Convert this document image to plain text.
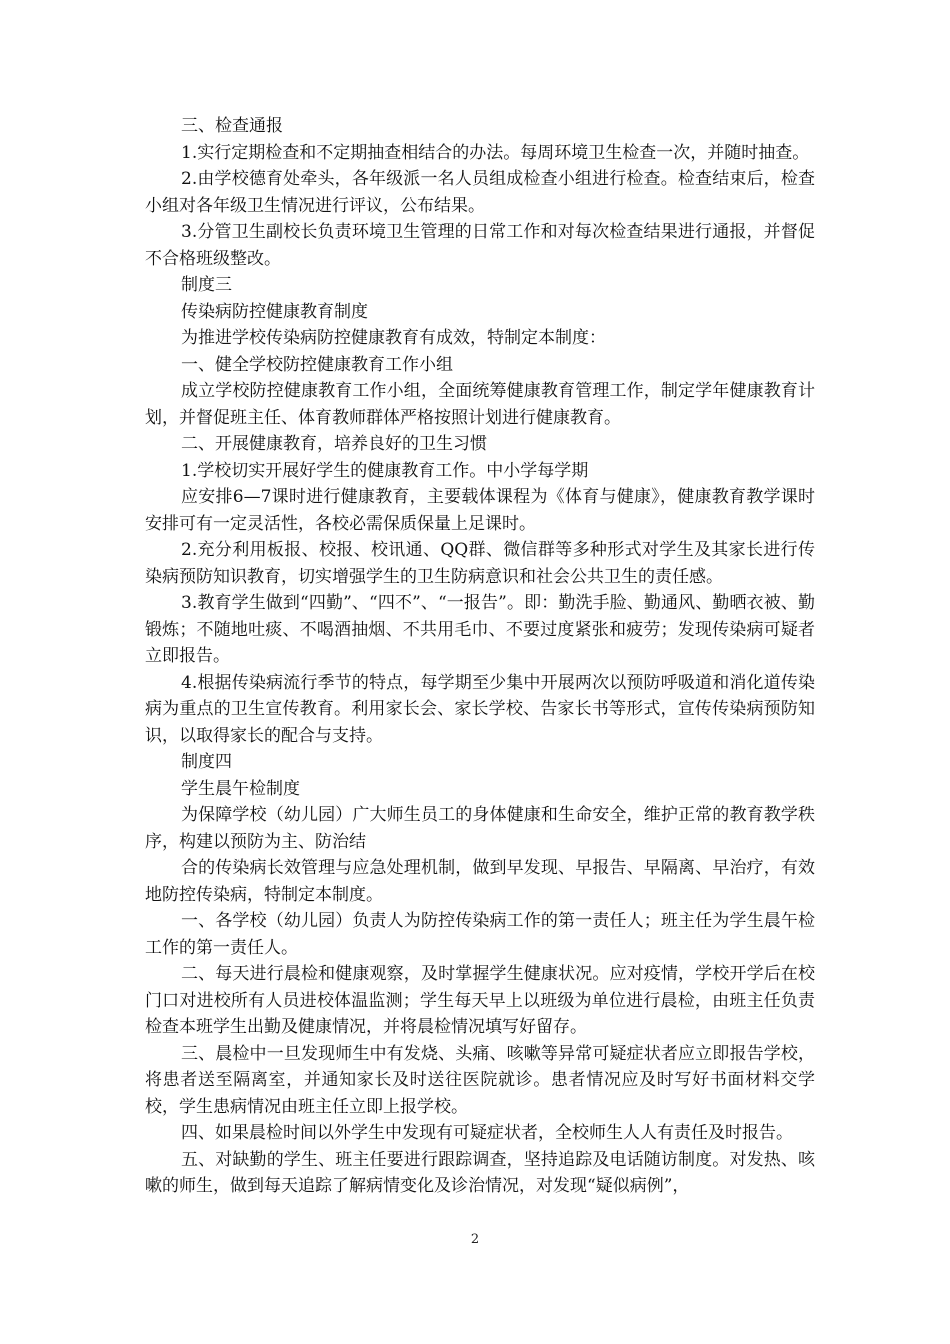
三、检查通报

1.实行定期检查和不定期抽查相结合的办法。每周环境卫生检查一次，并随时抽查。

2.由学校德育处牵头，各年级派一名人员组成检查小组进行检查。检查结束后，检查小组对各年级卫生情况进行评议，公布结果。

3.分管卫生副校长负责环境卫生管理的日常工作和对每次检查结果进行通报，并督促不合格班级整改。

制度三

传染病防控健康教育制度

为推进学校传染病防控健康教育有成效，特制定本制度：

一、健全学校防控健康教育工作小组

成立学校防控健康教育工作小组，全面统筹健康教育管理工作，制定学年健康教育计划，并督促班主任、体育教师群体严格按照计划进行健康教育。

二、开展健康教育，培养良好的卫生习惯

1.学校切实开展好学生的健康教育工作。中小学每学期

应安排6—7课时进行健康教育，主要载体课程为《体育与健康》，健康教育教学课时安排可有一定灵活性，各校必需保质保量上足课时。

2.充分利用板报、校报、校讯通、QQ群、微信群等多种形式对学生及其家长进行传染病预防知识教育，切实增强学生的卫生防病意识和社会公共卫生的责任感。

3.教育学生做到“四勤”、“四不”、“一报告”。即：勤洗手脸、勤通风、勤晒衣被、勤锻炼；不随地吐痰、不喝酒抽烟、不共用毛巾、不要过度紧张和疲劳；发现传染病可疑者立即报告。

4.根据传染病流行季节的特点，每学期至少集中开展两次以预防呼吸道和消化道传染病为重点的卫生宣传教育。利用家长会、家长学校、告家长书等形式，宣传传染病预防知识，以取得家长的配合与支持。

制度四

学生晨午检制度

为保障学校（幼儿园）广大师生员工的身体健康和生命安全，维护正常的教育教学秩序，构建以预防为主、防治结

合的传染病长效管理与应急处理机制，做到早发现、早报告、早隔离、早治疗，有效地防控传染病，特制定本制度。

一、各学校（幼儿园）负责人为防控传染病工作的第一责任人；班主任为学生晨午检工作的第一责任人。

二、每天进行晨检和健康观察，及时掌握学生健康状况。应对疫情，学校开学后在校门口对进校所有人员进校体温监测；学生每天早上以班级为单位进行晨检，由班主任负责检查本班学生出勤及健康情况，并将晨检情况填写好留存。

三、晨检中一旦发现师生中有发烧、头痛、咳嗽等异常可疑症状者应立即报告学校，将患者送至隔离室，并通知家长及时送往医院就诊。患者情况应及时写好书面材料交学校，学生患病情况由班主任立即上报学校。

四、如果晨检时间以外学生中发现有可疑症状者，全校师生人人有责任及时报告。

五、对缺勤的学生、班主任要进行跟踪调查，坚持追踪及电话随访制度。对发热、咳嗽的师生，做到每天追踪了解病情变化及诊治情况，对发现“疑似病例”，

2
